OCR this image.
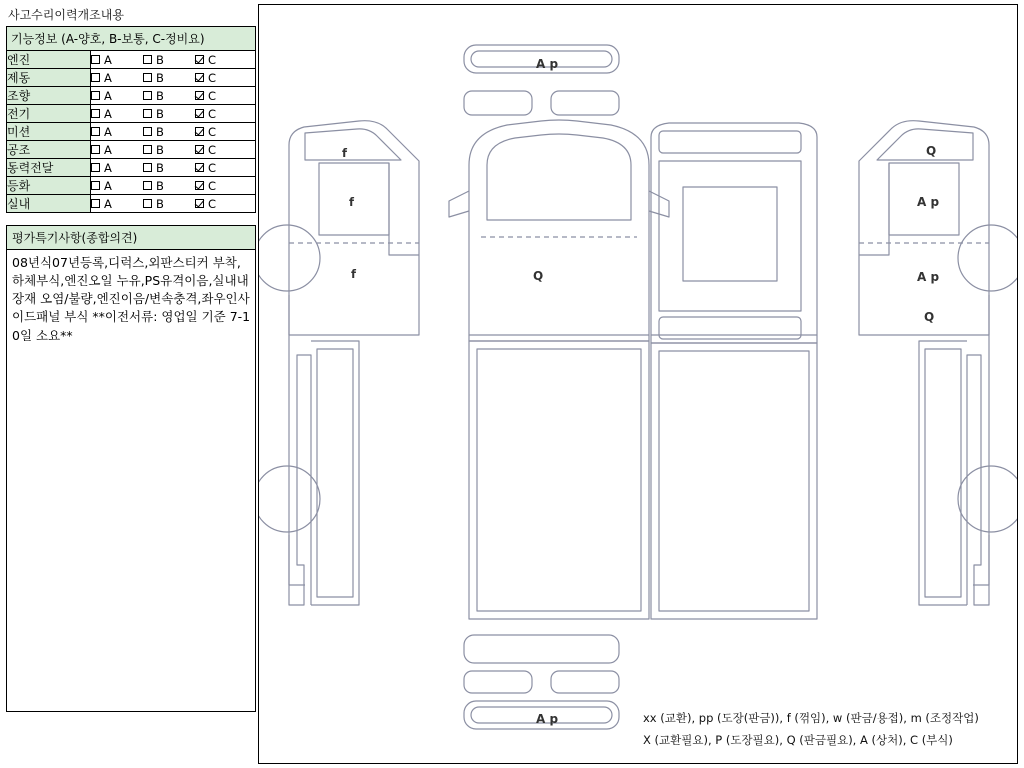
사고수리이력개조내용
기능정보 (A-양호, B-보통, C-정비요)	
엔진	A B C

제동	A B C

조향	A B C

전기	A B C

미션	A B C

공조	A B C

동력전달	A B C

등화	A B C

실내	A B C
평가특기사항(종합의견)
08년식07년등록,디럭스,외판스티커 부착,하체부식,엔진오일 누유,PS유격이음,실내내장재 오염/불량,엔진이음/변속충격,좌우인사이드패널 부식 **이전서류: 영업일 기준 7-10일 소요**
A p
f
f
f	Q
Q
A p
A p
Q
A p	xx (교환), pp (도장(판금)), f (꺾임), w (판금/용접), m (조정작업)
X (교환필요), P (도장필요), Q (판금필요), A (상처), C (부식)
